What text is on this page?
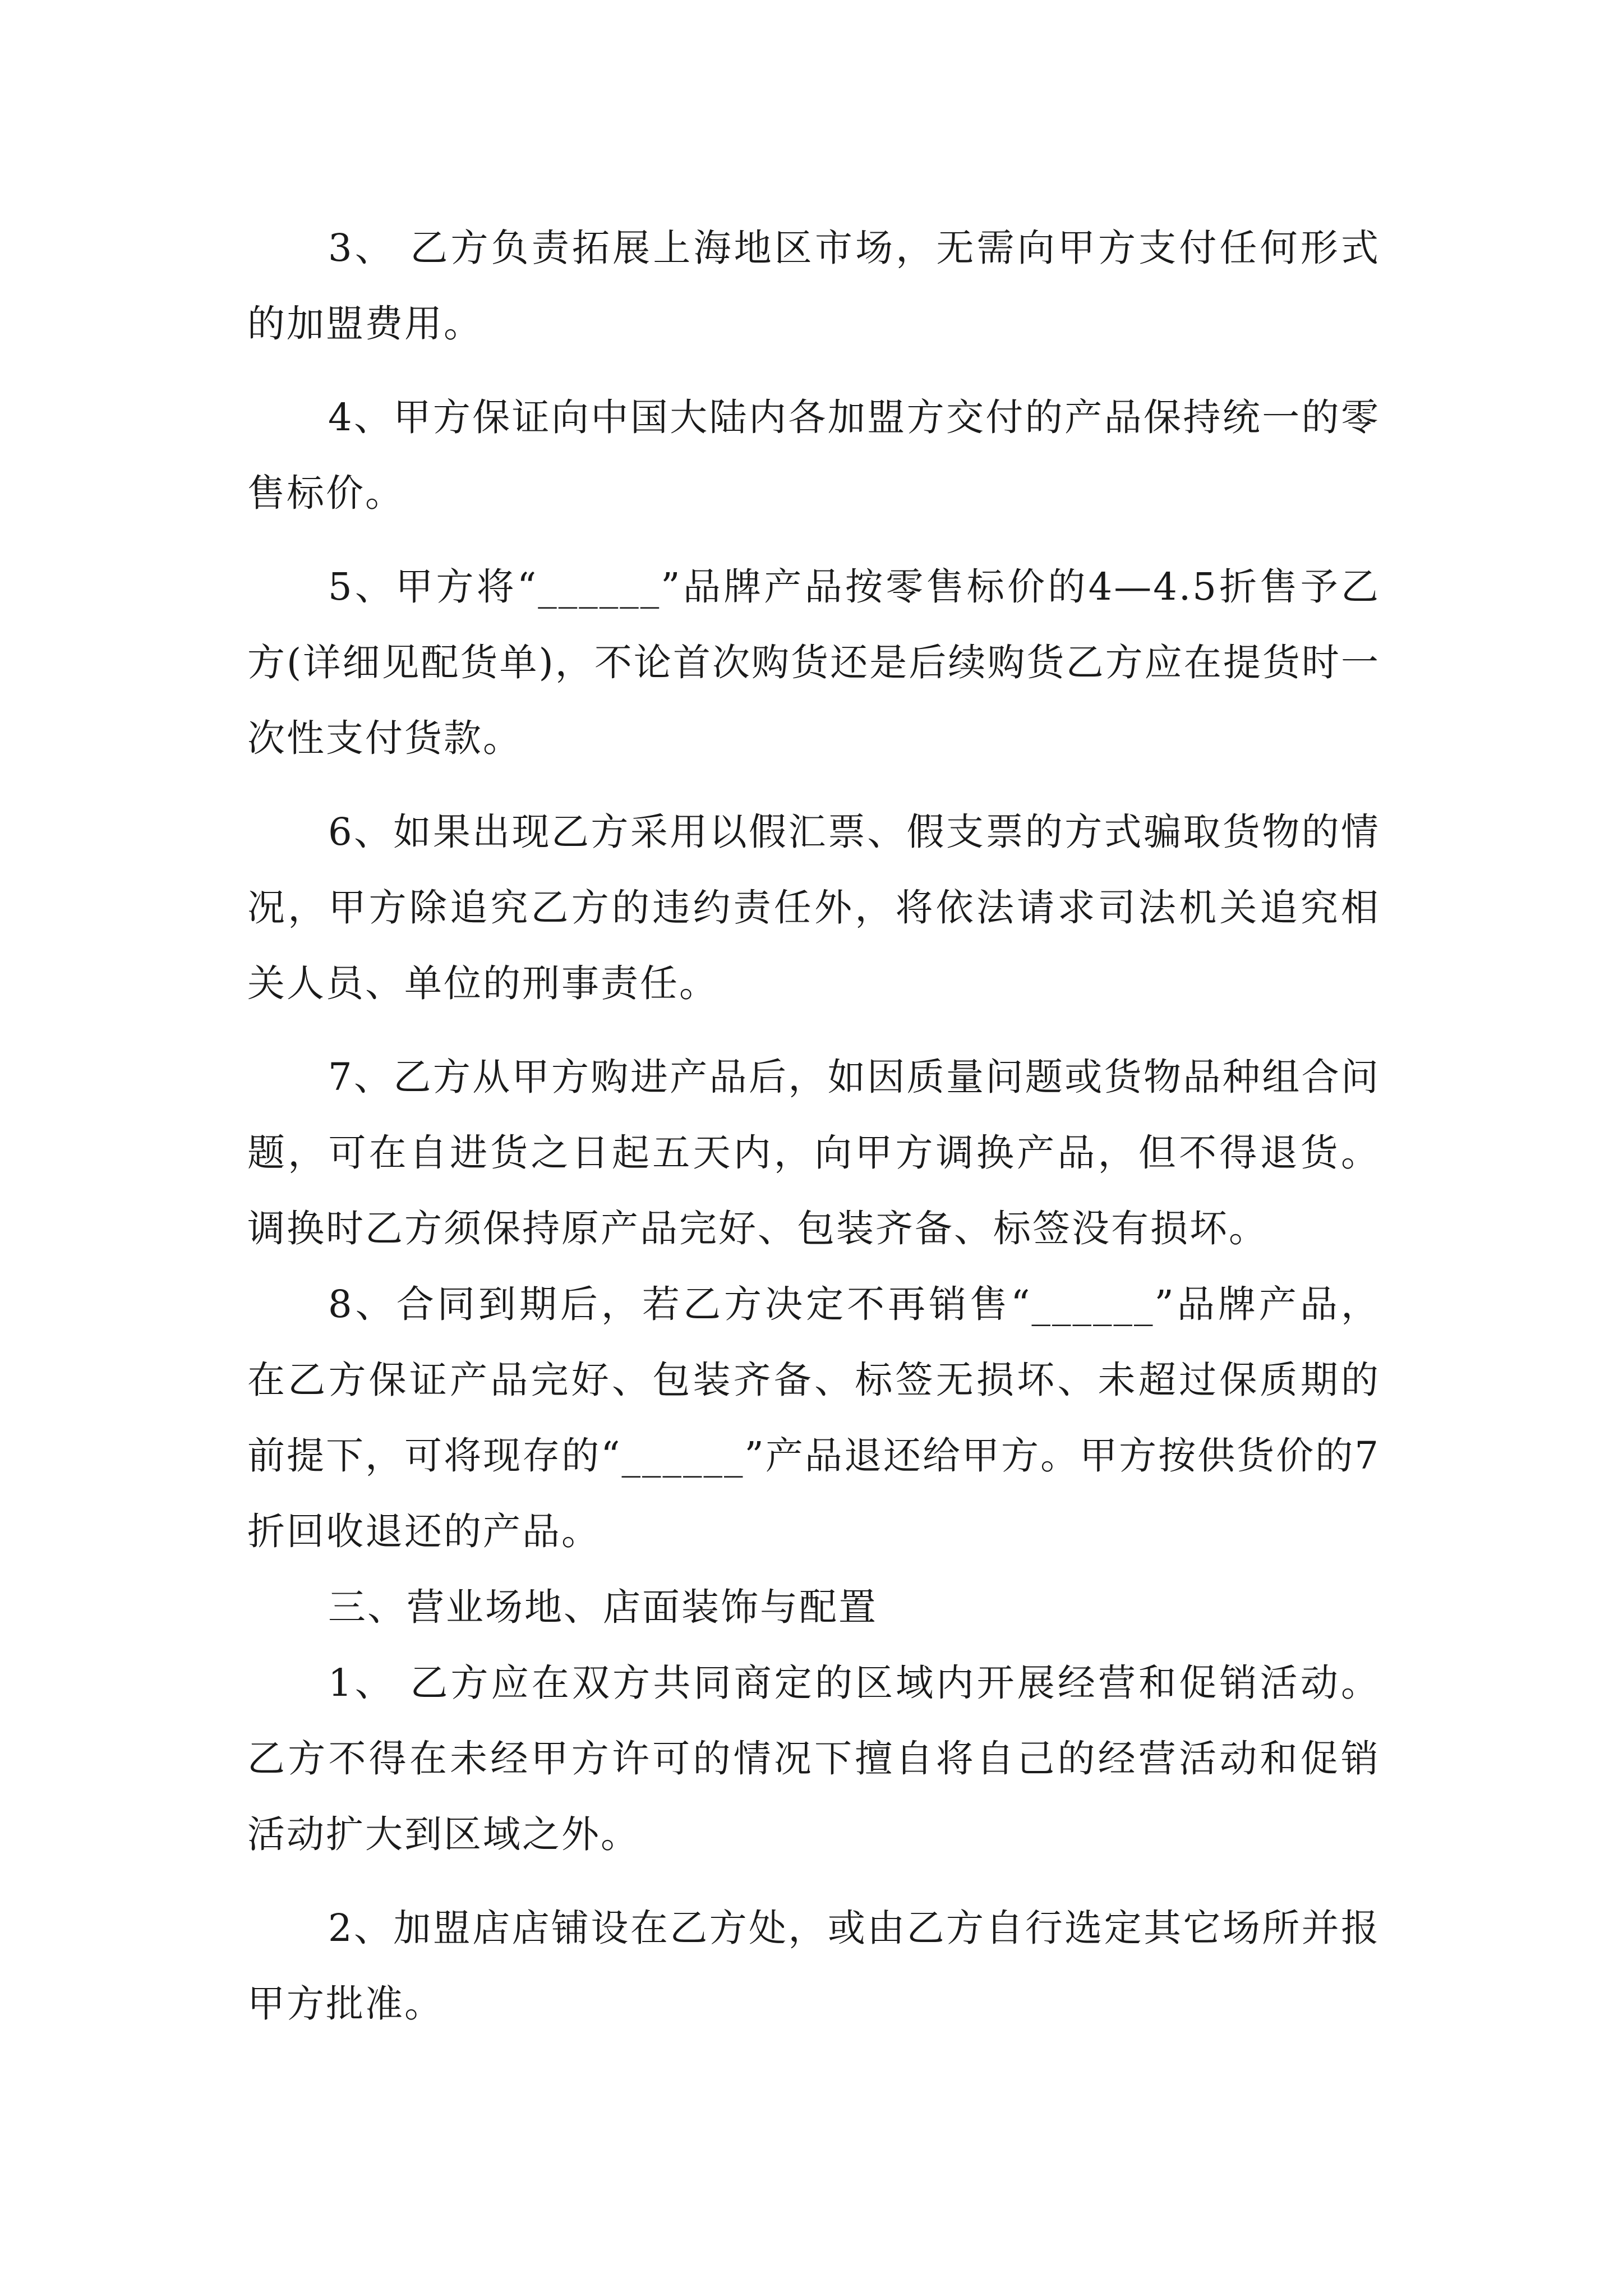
3、 乙方负责拓展上海地区市场，无需向甲方支付任何形式的加盟费用。

4、甲方保证向中国大陆内各加盟方交付的产品保持统一的零售标价。

5、甲方将“______”品牌产品按零售标价的4—4.5折售予乙方(详细见配货单)，不论首次购货还是后续购货乙方应在提货时一次性支付货款。

6、如果出现乙方采用以假汇票、假支票的方式骗取货物的情况，甲方除追究乙方的违约责任外，将依法请求司法机关追究相关人员、单位的刑事责任。

7、乙方从甲方购进产品后，如因质量问题或货物品种组合问题，可在自进货之日起五天内，向甲方调换产品，但不得退货。调换时乙方须保持原产品完好、包装齐备、标签没有损坏。

8、合同到期后，若乙方决定不再销售“______”品牌产品，在乙方保证产品完好、包装齐备、标签无损坏、未超过保质期的前提下，可将现存的“______”产品退还给甲方。甲方按供货价的7折回收退还的产品。

三、营业场地、店面装饰与配置

1、 乙方应在双方共同商定的区域内开展经营和促销活动。乙方不得在未经甲方许可的情况下擅自将自己的经营活动和促销活动扩大到区域之外。

2、加盟店店铺设在乙方处，或由乙方自行选定其它场所并报甲方批准。
